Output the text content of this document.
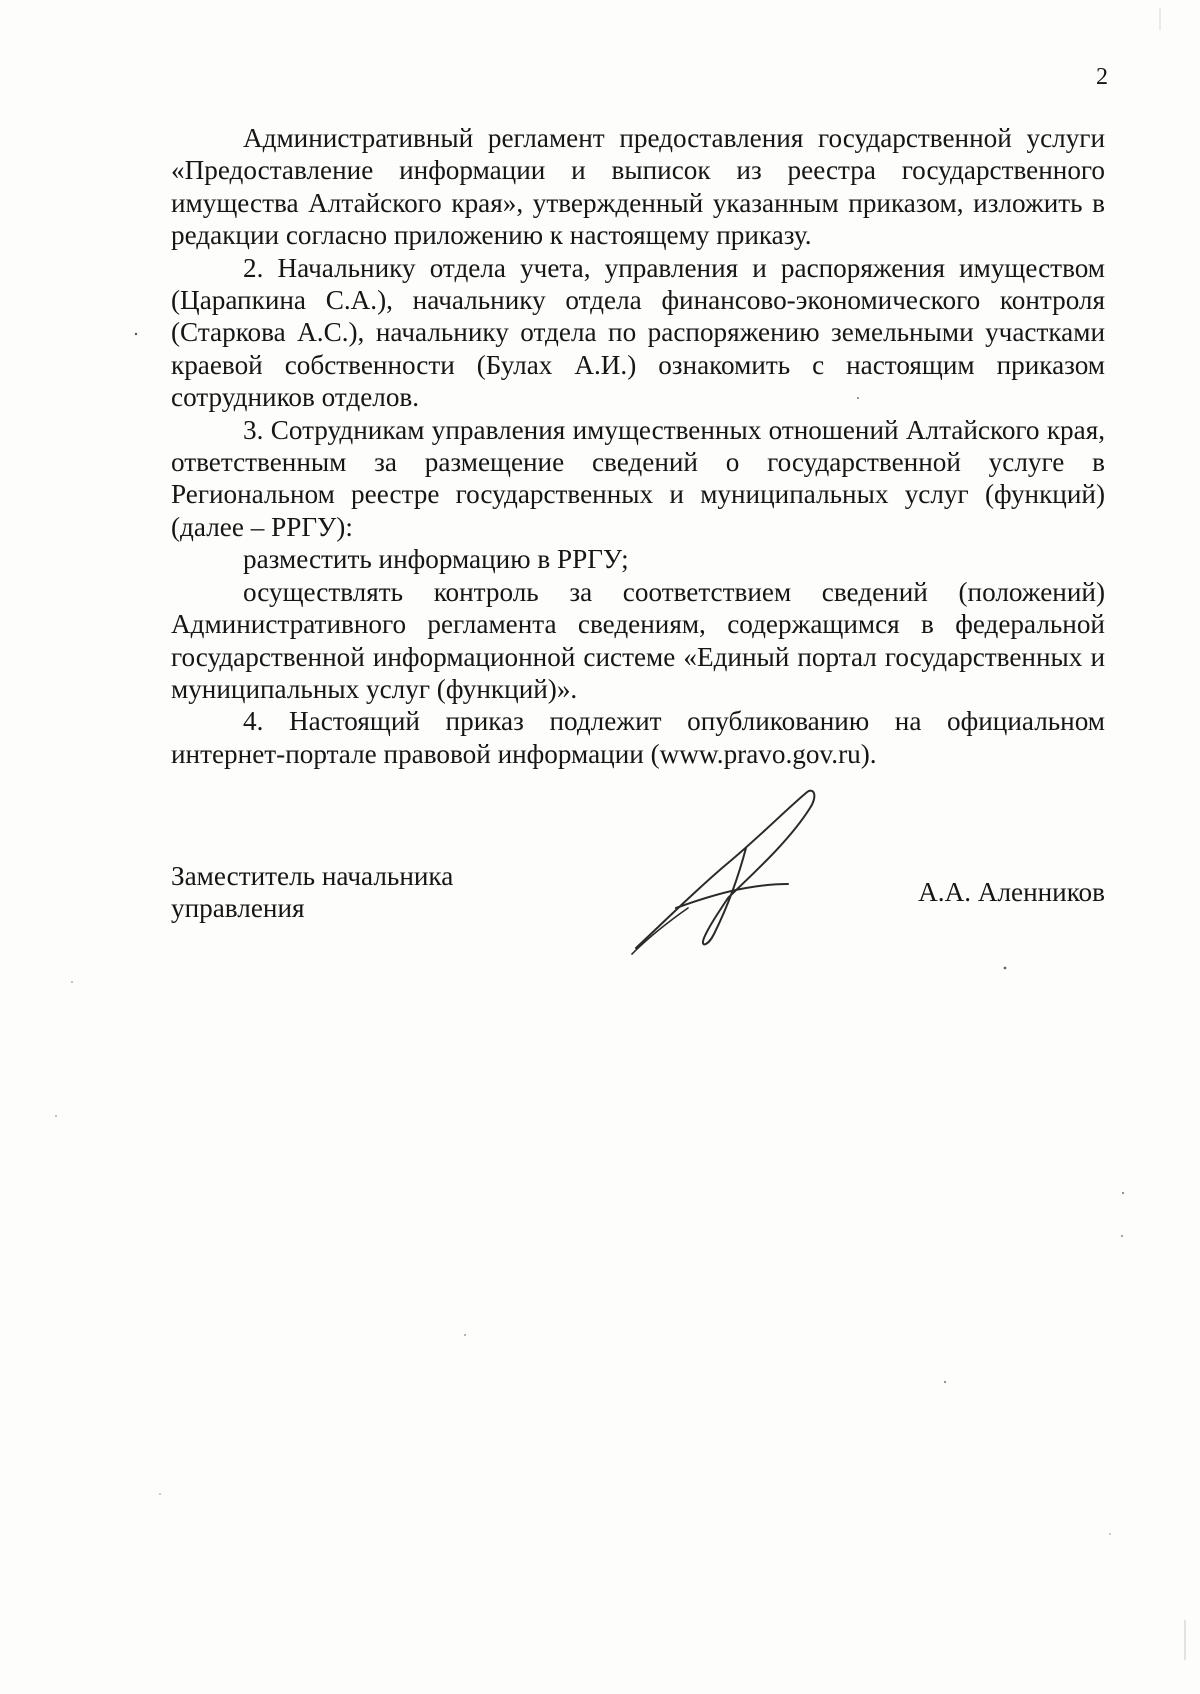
2

Административный регламент предоставления государственной услуги «Предоставление информации и выписок из реестра государственного имущества Алтайского края», утвержденный указанным приказом, изложить в редакции согласно приложению к настоящему приказу.

2. Начальнику отдела учета, управления и распоряжения имуществом (Царапкина С.А.), начальнику отдела финансово-экономического контроля (Старкова А.С.), начальнику отдела по распоряжению земельными участками краевой собственности (Булах А.И.) ознакомить с настоящим приказом сотрудников отделов.

3. Сотрудникам управления имущественных отношений Алтайского края, ответственным за размещение сведений о государственной услуге в Региональном реестре государственных и муниципальных услуг (функций) (далее – РРГУ):

разместить информацию в РРГУ;

осуществлять контроль за соответствием сведений (положений) Административного регламента сведениям, содержащимся в федеральной государственной информационной системе «Единый портал государственных и муниципальных услуг (функций)».

4. Настоящий приказ подлежит опубликованию на официальном интернет-портале правовой информации (www.pravo.gov.ru).

Заместитель начальника
управления
А.А. Аленников
